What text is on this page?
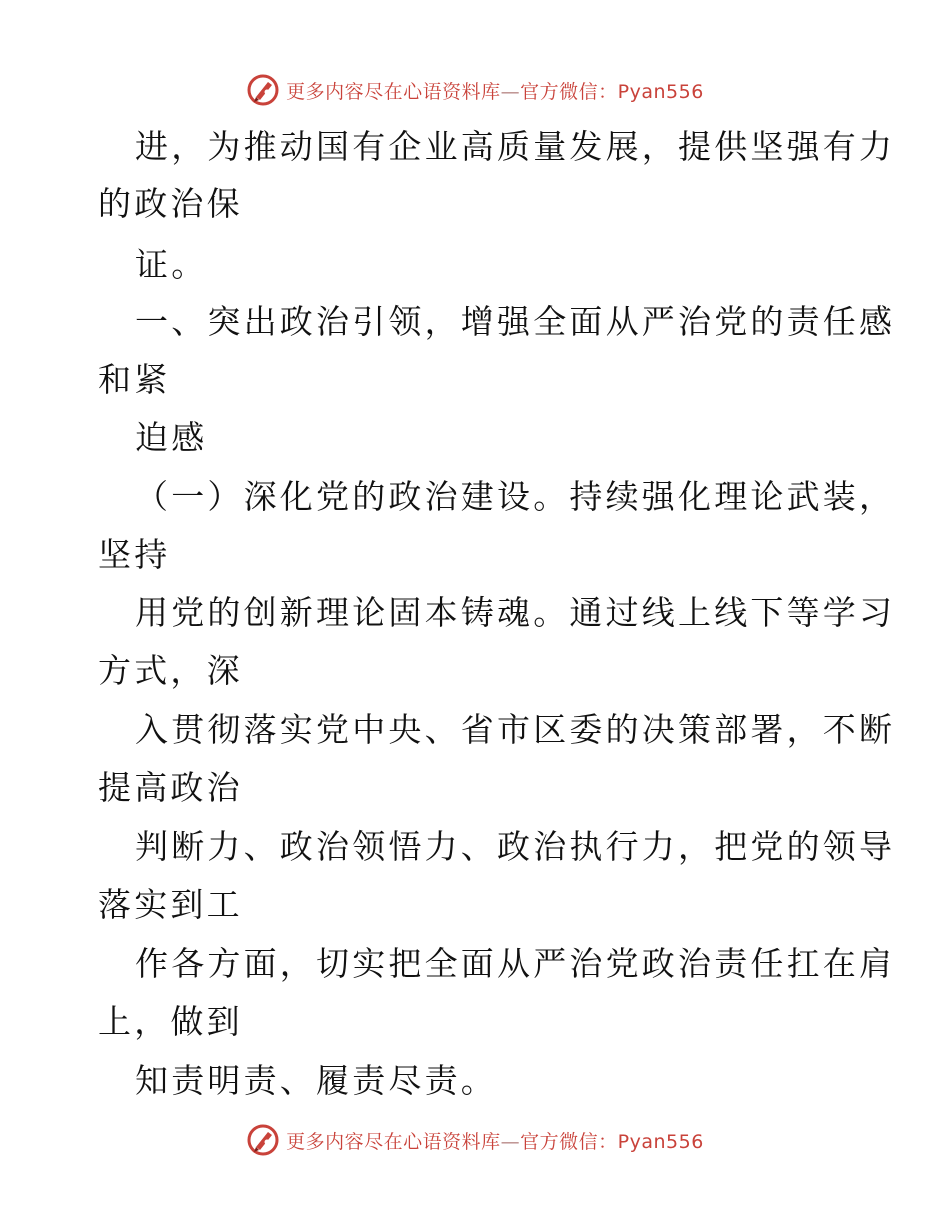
更多内容尽在心语资料库—官方微信：Pyan556
进，为推动国有企业高质量发展，提供坚强有力
的政治保
证。
一、突出政治引领，增强全面从严治党的责任感
和紧
迫感
（一）深化党的政治建设。持续强化理论武装，
坚持
用党的创新理论固本铸魂。通过线上线下等学习
方式，深
入贯彻落实党中央、省市区委的决策部署，不断
提高政治
判断力、政治领悟力、政治执行力，把党的领导
落实到工
作各方面，切实把全面从严治党政治责任扛在肩
上，做到
知责明责、履责尽责。
更多内容尽在心语资料库—官方微信：Pyan556
